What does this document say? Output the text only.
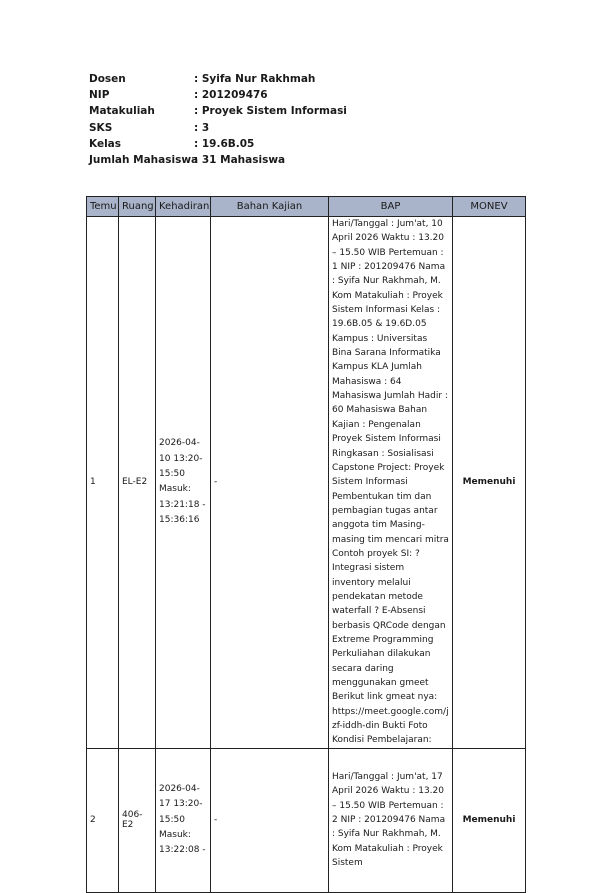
Dosen	: Syifa Nur Rakhmah
NIP	: 201209476
Matakuliah	: Proyek Sistem Informasi
SKS	: 3
Kelas	: 19.6B.05
Jumlah Mahasiswa
: 31 Mahasiswa
Temu	Ruang	Kehadiran	Bahan Kajian	BAP	MONEV
1	EL-E2	2026-04-10 13:20-15:50 Masuk: 13:21:18 - 15:36:16	-	Hari/Tanggal : Jum'at, 10 April 2026 Waktu : 13.20 – 15.50 WIB Pertemuan : 1 NIP : 201209476 Nama : Syifa Nur Rakhmah, M. Kom Matakuliah : Proyek Sistem Informasi Kelas : 19.6B.05 & 19.6D.05 Kampus : Universitas Bina Sarana Informatika Kampus KLA Jumlah Mahasiswa : 64 Mahasiswa Jumlah Hadir : 60 Mahasiswa Bahan Kajian : Pengenalan Proyek Sistem Informasi Ringkasan : Sosialisasi Capstone Project: Proyek Sistem Informasi Pembentukan tim dan pembagian tugas antar anggota tim Masing-masing tim mencari mitra Contoh proyek SI: ? Integrasi sistem inventory melalui pendekatan metode waterfall ? E-Absensi berbasis QRCode dengan Extreme Programming Perkuliahan dilakukan secara daring menggunakan gmeet Berikut link gmeat nya: https://meet.google.com/jzf-iddh-din Bukti Foto Kondisi Pembelajaran:	Memenuhi
2	406-E2	2026-04-17 13:20-15:50 Masuk: 13:22:08 -	-	Hari/Tanggal : Jum'at, 17 April 2026 Waktu : 13.20 – 15.50 WIB Pertemuan : 2 NIP : 201209476 Nama : Syifa Nur Rakhmah, M. Kom Matakuliah : Proyek Sistem	Memenuhi
